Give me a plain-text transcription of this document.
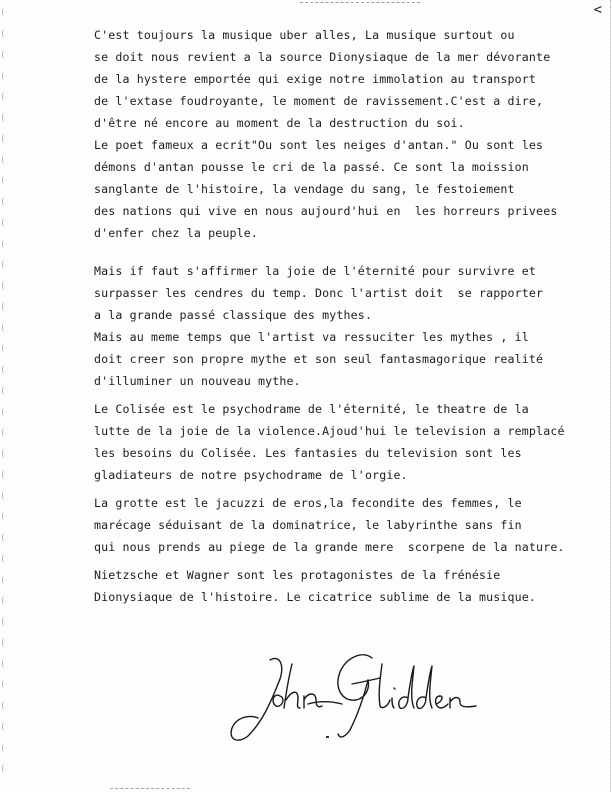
<
C'est toujours la musique uber alles, La musique surtout ou
se doit nous revient a la source Dionysiaque de la mer dévorante
de la hystere emportée qui exige notre immolation au transport
de l'extase foudroyante, le moment de ravissement.C'est a dire,
d'être né encore au moment de la destruction du soi.
Le poet fameux a ecrit"Ou sont les neiges d'antan." Ou sont les
démons d'antan pousse le cri de la passé. Ce sont la moission
sanglante de l'histoire, la vendage du sang, le festoiement
des nations qui vive en nous aujourd'hui en  les horreurs privees
d'enfer chez la peuple.
Mais if faut s'affirmer la joie de l'éternité pour survivre et
surpasser les cendres du temp. Donc l'artist doit  se rapporter
a la grande passé classique des mythes.
Mais au meme temps que l'artist va ressuciter les mythes , il
doit creer son propre mythe et son seul fantasmagorique realité
d'illuminer un nouveau mythe.
Le Colisée est le psychodrame de l'éternité, le theatre de la
lutte de la joie de la violence.Ajoud'hui le television a remplacé
les besoins du Colisée. Les fantasies du television sont les
gladiateurs de notre psychodrame de l'orgie.
La grotte est le jacuzzi de eros,la fecondite des femmes, le
marécage séduisant de la dominatrice, le labyrinthe sans fin
qui nous prends au piege de la grande mere  scorpene de la nature.
Nietzsche et Wagner sont les protagonistes de la frénésie
Dionysiaque de l'histoire. Le cicatrice sublime de la musique.
